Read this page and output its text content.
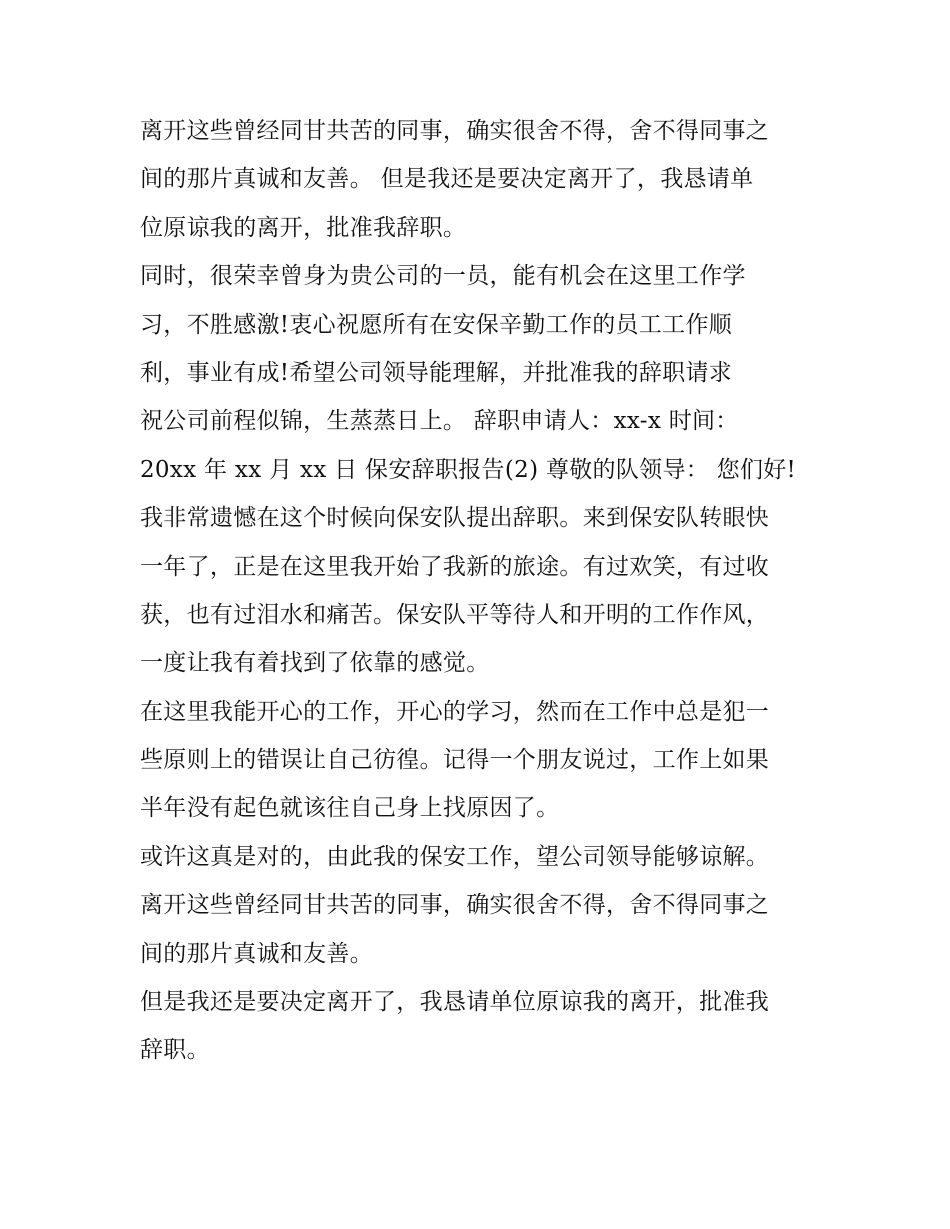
离开这些曾经同甘共苦的同事，确实很舍不得，舍不得同事之
间的那片真诚和友善。 但是我还是要决定离开了，我恳请单
位原谅我的离开，批准我辞职。
同时，很荣幸曾身为贵公司的一员，能有机会在这里工作学
习，不胜感激!衷心祝愿所有在安保辛勤工作的员工工作顺
利，事业有成!希望公司领导能理解，并批准我的辞职请求
祝公司前程似锦，生蒸蒸日上。 辞职申请人：xx-x 时间：
20xx 年 xx 月 xx 日 保安辞职报告(2) 尊敬的队领导： 您们好!
我非常遗憾在这个时候向保安队提出辞职。来到保安队转眼快
一年了，正是在这里我开始了我新的旅途。有过欢笑，有过收
获，也有过泪水和痛苦。保安队平等待人和开明的工作作风，
一度让我有着找到了依靠的感觉。
在这里我能开心的工作，开心的学习，然而在工作中总是犯一
些原则上的错误让自己彷徨。记得一个朋友说过，工作上如果
半年没有起色就该往自己身上找原因了。
或许这真是对的，由此我的保安工作，望公司领导能够谅解。
离开这些曾经同甘共苦的同事，确实很舍不得，舍不得同事之
间的那片真诚和友善。
但是我还是要决定离开了，我恳请单位原谅我的离开，批准我
辞职。
